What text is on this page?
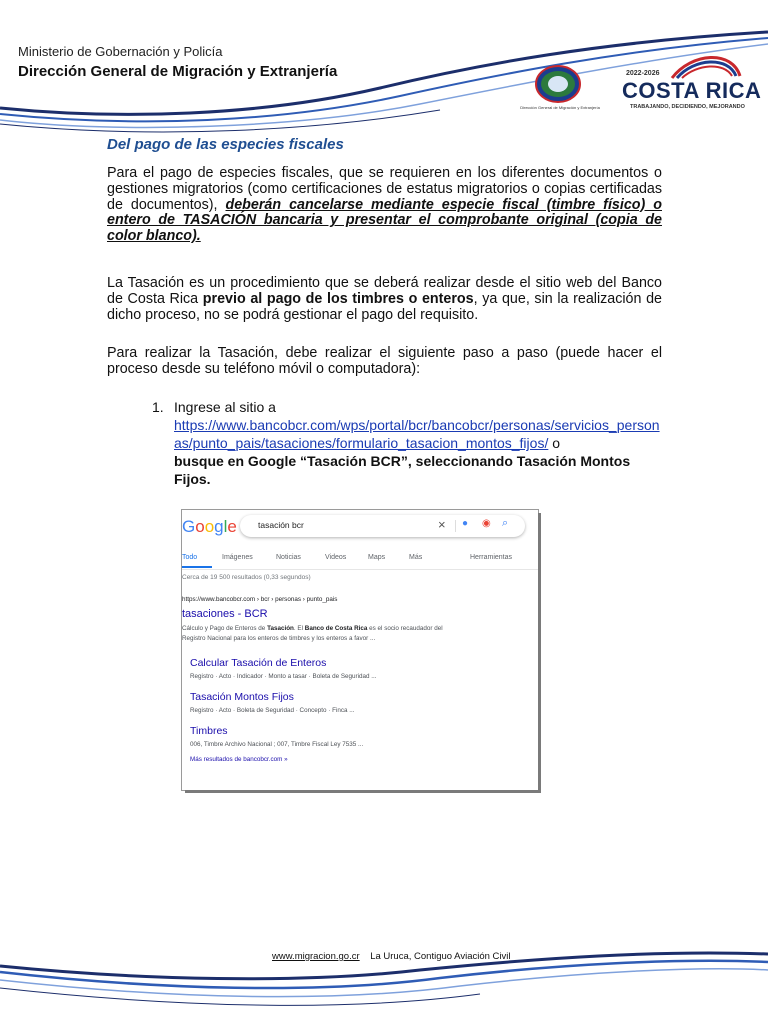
Ministerio de Gobernación y Policía
Dirección General de Migración y Extranjería
Dirección General de Migración y Extranjería
2022-2026
COSTA RICA
TRABAJANDO, DECIDIENDO, MEJORANDO
Del pago de las especies fiscales
Para el pago de especies fiscales, que se requieren en los diferentes documentos o gestiones migratorios (como certificaciones de estatus migratorios o copias certificadas de documentos), deberán cancelarse mediante especie fiscal (timbre físico) o entero de TASACIÓN bancaria y presentar el comprobante original (copia de color blanco).
La Tasación es un procedimiento que se deberá realizar desde el sitio web del Banco de Costa Rica previo al pago de los timbres o enteros, ya que, sin la realización de dicho proceso, no se podrá gestionar el pago del requisito.
Para realizar la Tasación, debe realizar el siguiente paso a paso (puede hacer el proceso desde su teléfono móvil o computadora):
1. Ingrese al sitio a
https://www.bancobcr.com/wps/portal/bcr/bancobcr/personas/servicios_personas/punto_pais/tasaciones/formulario_tasacion_montos_fijos/ o
busque en Google “Tasación BCR”, seleccionando Tasación Montos Fijos.
Google tasación bcr	× ● ◉ ⌕
Todo	Imágenes	Noticias	Videos	Maps	Más	Herramientas
Cerca de 19 500 resultados (0,33 segundos)
https://www.bancobcr.com › bcr › personas › punto_pais
tasaciones - BCR
Cálculo y Pago de Enteros de Tasación. El Banco de Costa Rica es el socio recaudador del
Registro Nacional para los enteros de timbres y los enteros a favor ...
Calcular Tasación de Enteros
Registro · Acto · Indicador · Monto a tasar · Boleta de Seguridad ...
Tasación Montos Fijos
Registro · Acto · Boleta de Seguridad · Concepto · Finca ...
Timbres
006, Timbre Archivo Nacional ; 007, Timbre Fiscal Ley 7535 ...
Más resultados de bancobcr.com »
www.migracion.go.cr La Uruca, Contiguo Aviación Civil
